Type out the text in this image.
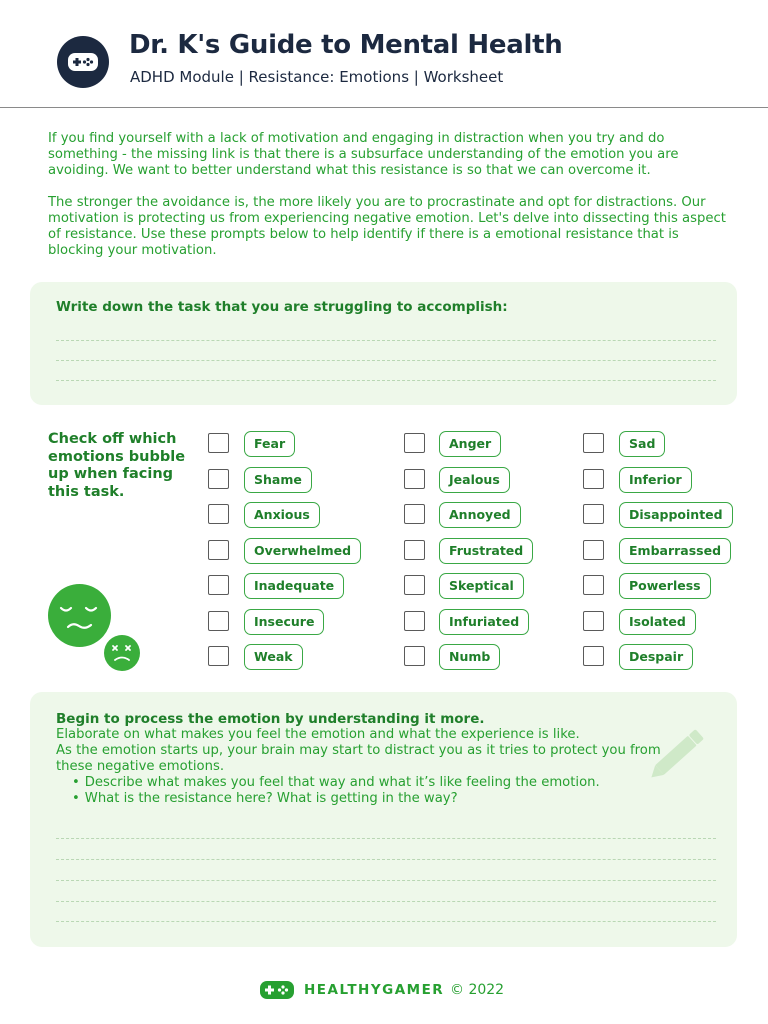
Dr. K's Guide to Mental Health
ADHD Module | Resistance: Emotions | Worksheet

If you find yourself with a lack of motivation and engaging in distraction when you try and do something - the missing link is that there is a subsurface understanding of the emotion you are avoiding. We want to better understand what this resistance is so that we can overcome it.

The stronger the avoidance is, the more likely you are to procrastinate and opt for distractions. Our motivation is protecting us from experiencing negative emotion. Let's delve into dissecting this aspect of resistance. Use these prompts below to help identify if there is a emotional resistance that is blocking your motivation.

Write down the task that you are struggling to accomplish:
Check off which emotions bubble up when facing this task.
Fear
Shame
Anxious
Overwhelmed
Inadequate
Insecure
Weak
Anger
Jealous
Annoyed
Frustrated
Skeptical
Infuriated
Numb
Sad
Inferior
Disappointed
Embarrassed
Powerless
Isolated
Despair
Begin to process the emotion by understanding it more.
Elaborate on what makes you feel the emotion and what the experience is like.
As the emotion starts up, your brain may start to distract you as it tries to protect you from these negative emotions.
• Describe what makes you feel that way and what it’s like feeling the emotion.
• What is the resistance here? What is getting in the way?
HEALTHYGAMER © 2022
